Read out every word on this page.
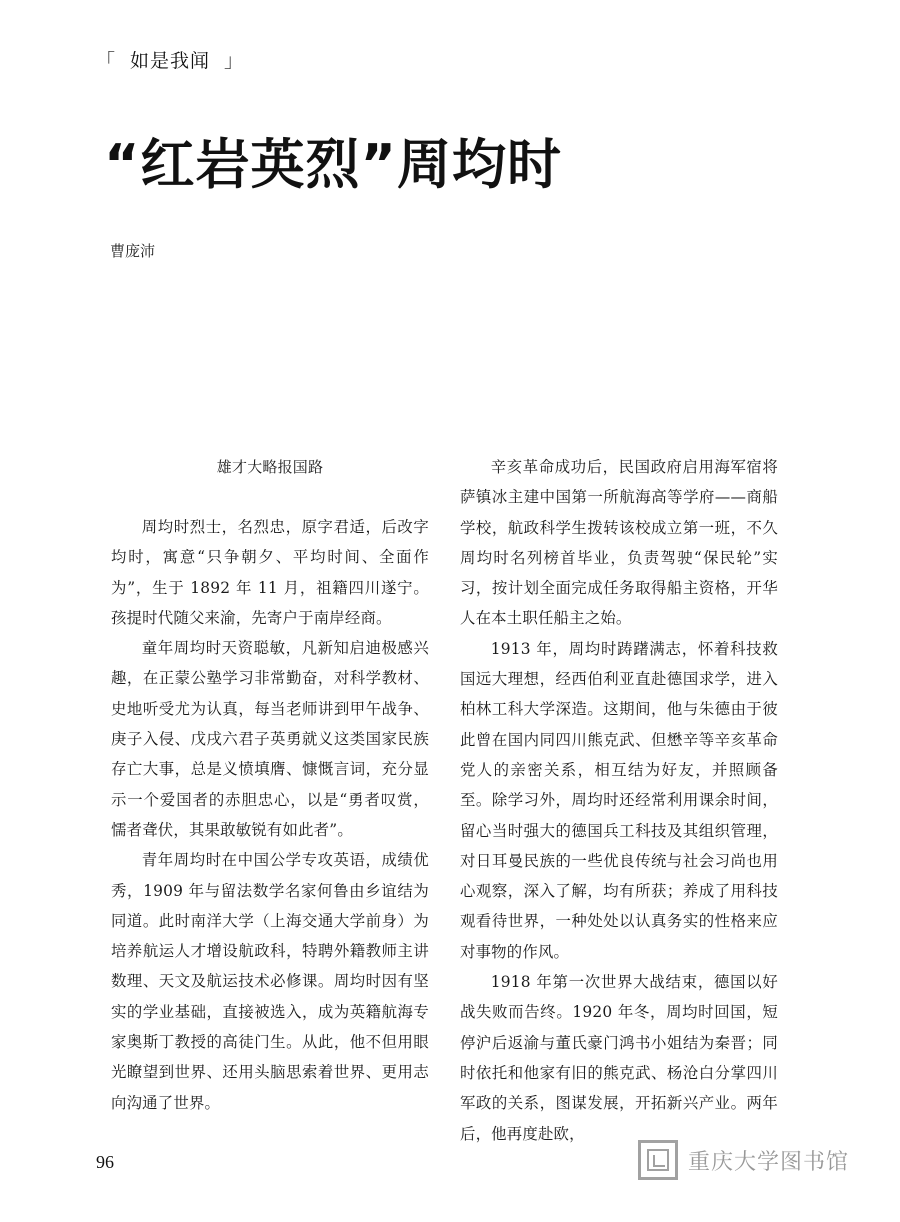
「 如是我闻 」
“红岩英烈”周均时
曹庞沛
雄才大略报国路

周均时烈士，名烈忠，原字君适，后改字均时，寓意“只争朝夕、平均时间、全面作为”，生于 1892 年 11 月，祖籍四川遂宁。孩提时代随父来渝，先寄户于南岸经商。

童年周均时天资聪敏，凡新知启迪极感兴趣，在正蒙公塾学习非常勤奋，对科学教材、史地听受尤为认真，每当老师讲到甲午战争、庚子入侵、戊戌六君子英勇就义这类国家民族存亡大事，总是义愤填膺、慷慨言词，充分显示一个爱国者的赤胆忠心，以是“勇者叹赏，懦者聋伏，其果敢敏锐有如此者”。

青年周均时在中国公学专攻英语，成绩优秀，1909 年与留法数学名家何鲁由乡谊结为同道。此时南洋大学（上海交通大学前身）为培养航运人才增设航政科，特聘外籍教师主讲数理、天文及航运技术必修课。周均时因有坚实的学业基础，直接被选入，成为英籍航海专家奥斯丁教授的高徒门生。从此，他不但用眼光瞭望到世界、还用头脑思索着世界、更用志向沟通了世界。

辛亥革命成功后，民国政府启用海军宿将萨镇冰主建中国第一所航海高等学府——商船学校，航政科学生拨转该校成立第一班，不久周均时名列榜首毕业，负责驾驶“保民轮”实习，按计划全面完成任务取得船主资格，开华人在本土职任船主之始。

1913 年，周均时踌躇满志，怀着科技救国远大理想，经西伯利亚直赴德国求学，进入柏林工科大学深造。这期间，他与朱德由于彼此曾在国内同四川熊克武、但懋辛等辛亥革命党人的亲密关系，相互结为好友，并照顾备至。除学习外，周均时还经常利用课余时间，留心当时强大的德国兵工科技及其组织管理，对日耳曼民族的一些优良传统与社会习尚也用心观察，深入了解，均有所获；养成了用科技观看待世界，一种处处以认真务实的性格来应对事物的作风。

1918 年第一次世界大战结束，德国以好战失败而告终。1920 年冬，周均时回国，短停沪后返渝与董氏豪门鸿书小姐结为秦晋；同时依托和他家有旧的熊克武、杨沧白分掌四川军政的关系，图谋发展，开拓新兴产业。两年后，他再度赴欧，

96	重庆大学图书馆
